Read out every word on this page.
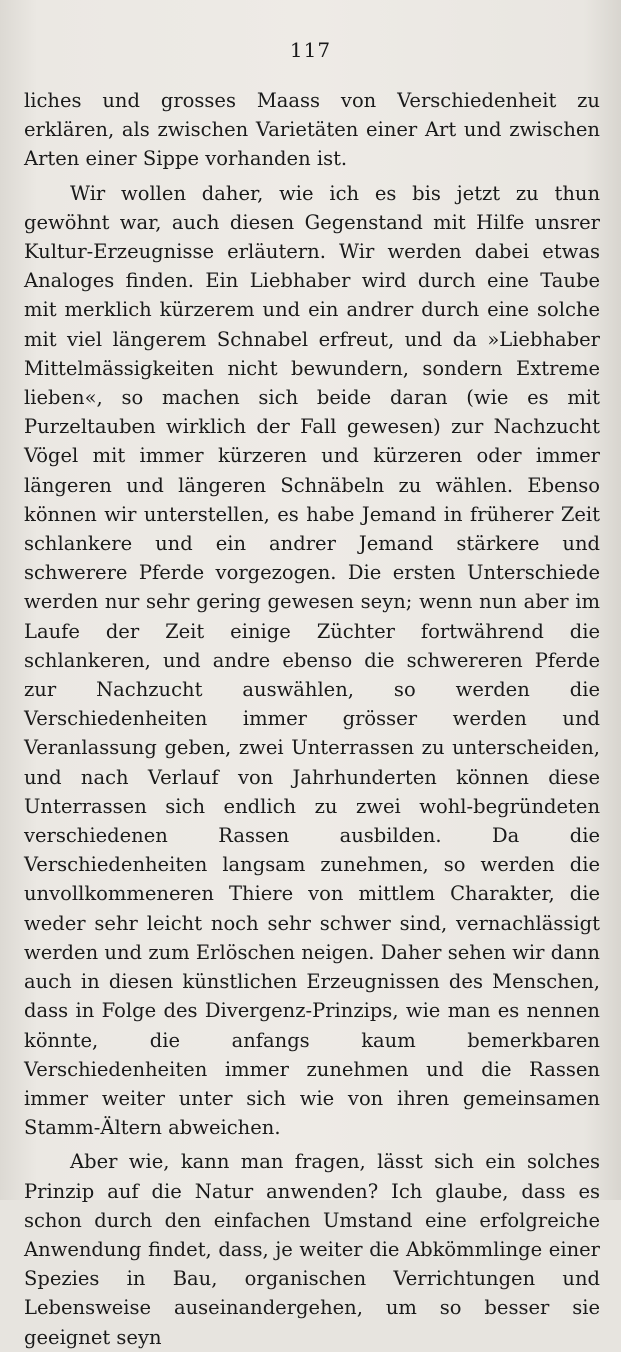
117

liches und grosses Maass von Verschiedenheit zu erklären, als zwischen Varietäten einer Art und zwischen Arten einer Sippe vorhanden ist.

Wir wollen daher, wie ich es bis jetzt zu thun gewöhnt war, auch diesen Gegenstand mit Hilfe unsrer Kultur-Erzeugnisse erläutern. Wir werden dabei etwas Analoges finden. Ein Liebhaber wird durch eine Taube mit merklich kürzerem und ein andrer durch eine solche mit viel längerem Schnabel erfreut, und da »Liebhaber Mittelmässigkeiten nicht bewundern, sondern Extreme lieben«, so machen sich beide daran (wie es mit Purzeltauben wirklich der Fall gewesen) zur Nachzucht Vögel mit immer kürzeren und kürzeren oder immer längeren und längeren Schnäbeln zu wählen. Ebenso können wir unterstellen, es habe Jemand in früherer Zeit schlankere und ein andrer Jemand stärkere und schwerere Pferde vorgezogen. Die ersten Unterschiede werden nur sehr gering gewesen seyn; wenn nun aber im Laufe der Zeit einige Züchter fortwährend die schlankeren, und andre ebenso die schwereren Pferde zur Nachzucht auswählen, so werden die Verschiedenheiten immer grösser werden und Veranlassung geben, zwei Unterrassen zu unterscheiden, und nach Verlauf von Jahrhunderten können diese Unterrassen sich endlich zu zwei wohl-begründeten verschiedenen Rassen ausbilden. Da die Verschiedenheiten langsam zunehmen, so werden die unvollkommeneren Thiere von mittlem Charakter, die weder sehr leicht noch sehr schwer sind, vernachlässigt werden und zum Erlöschen neigen. Daher sehen wir dann auch in diesen künstlichen Erzeugnissen des Menschen, dass in Folge des Divergenz-Prinzips, wie man es nennen könnte, die anfangs kaum bemerkbaren Verschiedenheiten immer zunehmen und die Rassen immer weiter unter sich wie von ihren gemeinsamen Stamm-Ältern abweichen.

Aber wie, kann man fragen, lässt sich ein solches Prinzip auf die Natur anwenden? Ich glaube, dass es schon durch den einfachen Umstand eine erfolgreiche Anwendung findet, dass, je weiter die Abkömmlinge einer Spezies in Bau, organischen Verrichtungen und Lebensweise auseinandergehen, um so besser sie geeignet seyn
